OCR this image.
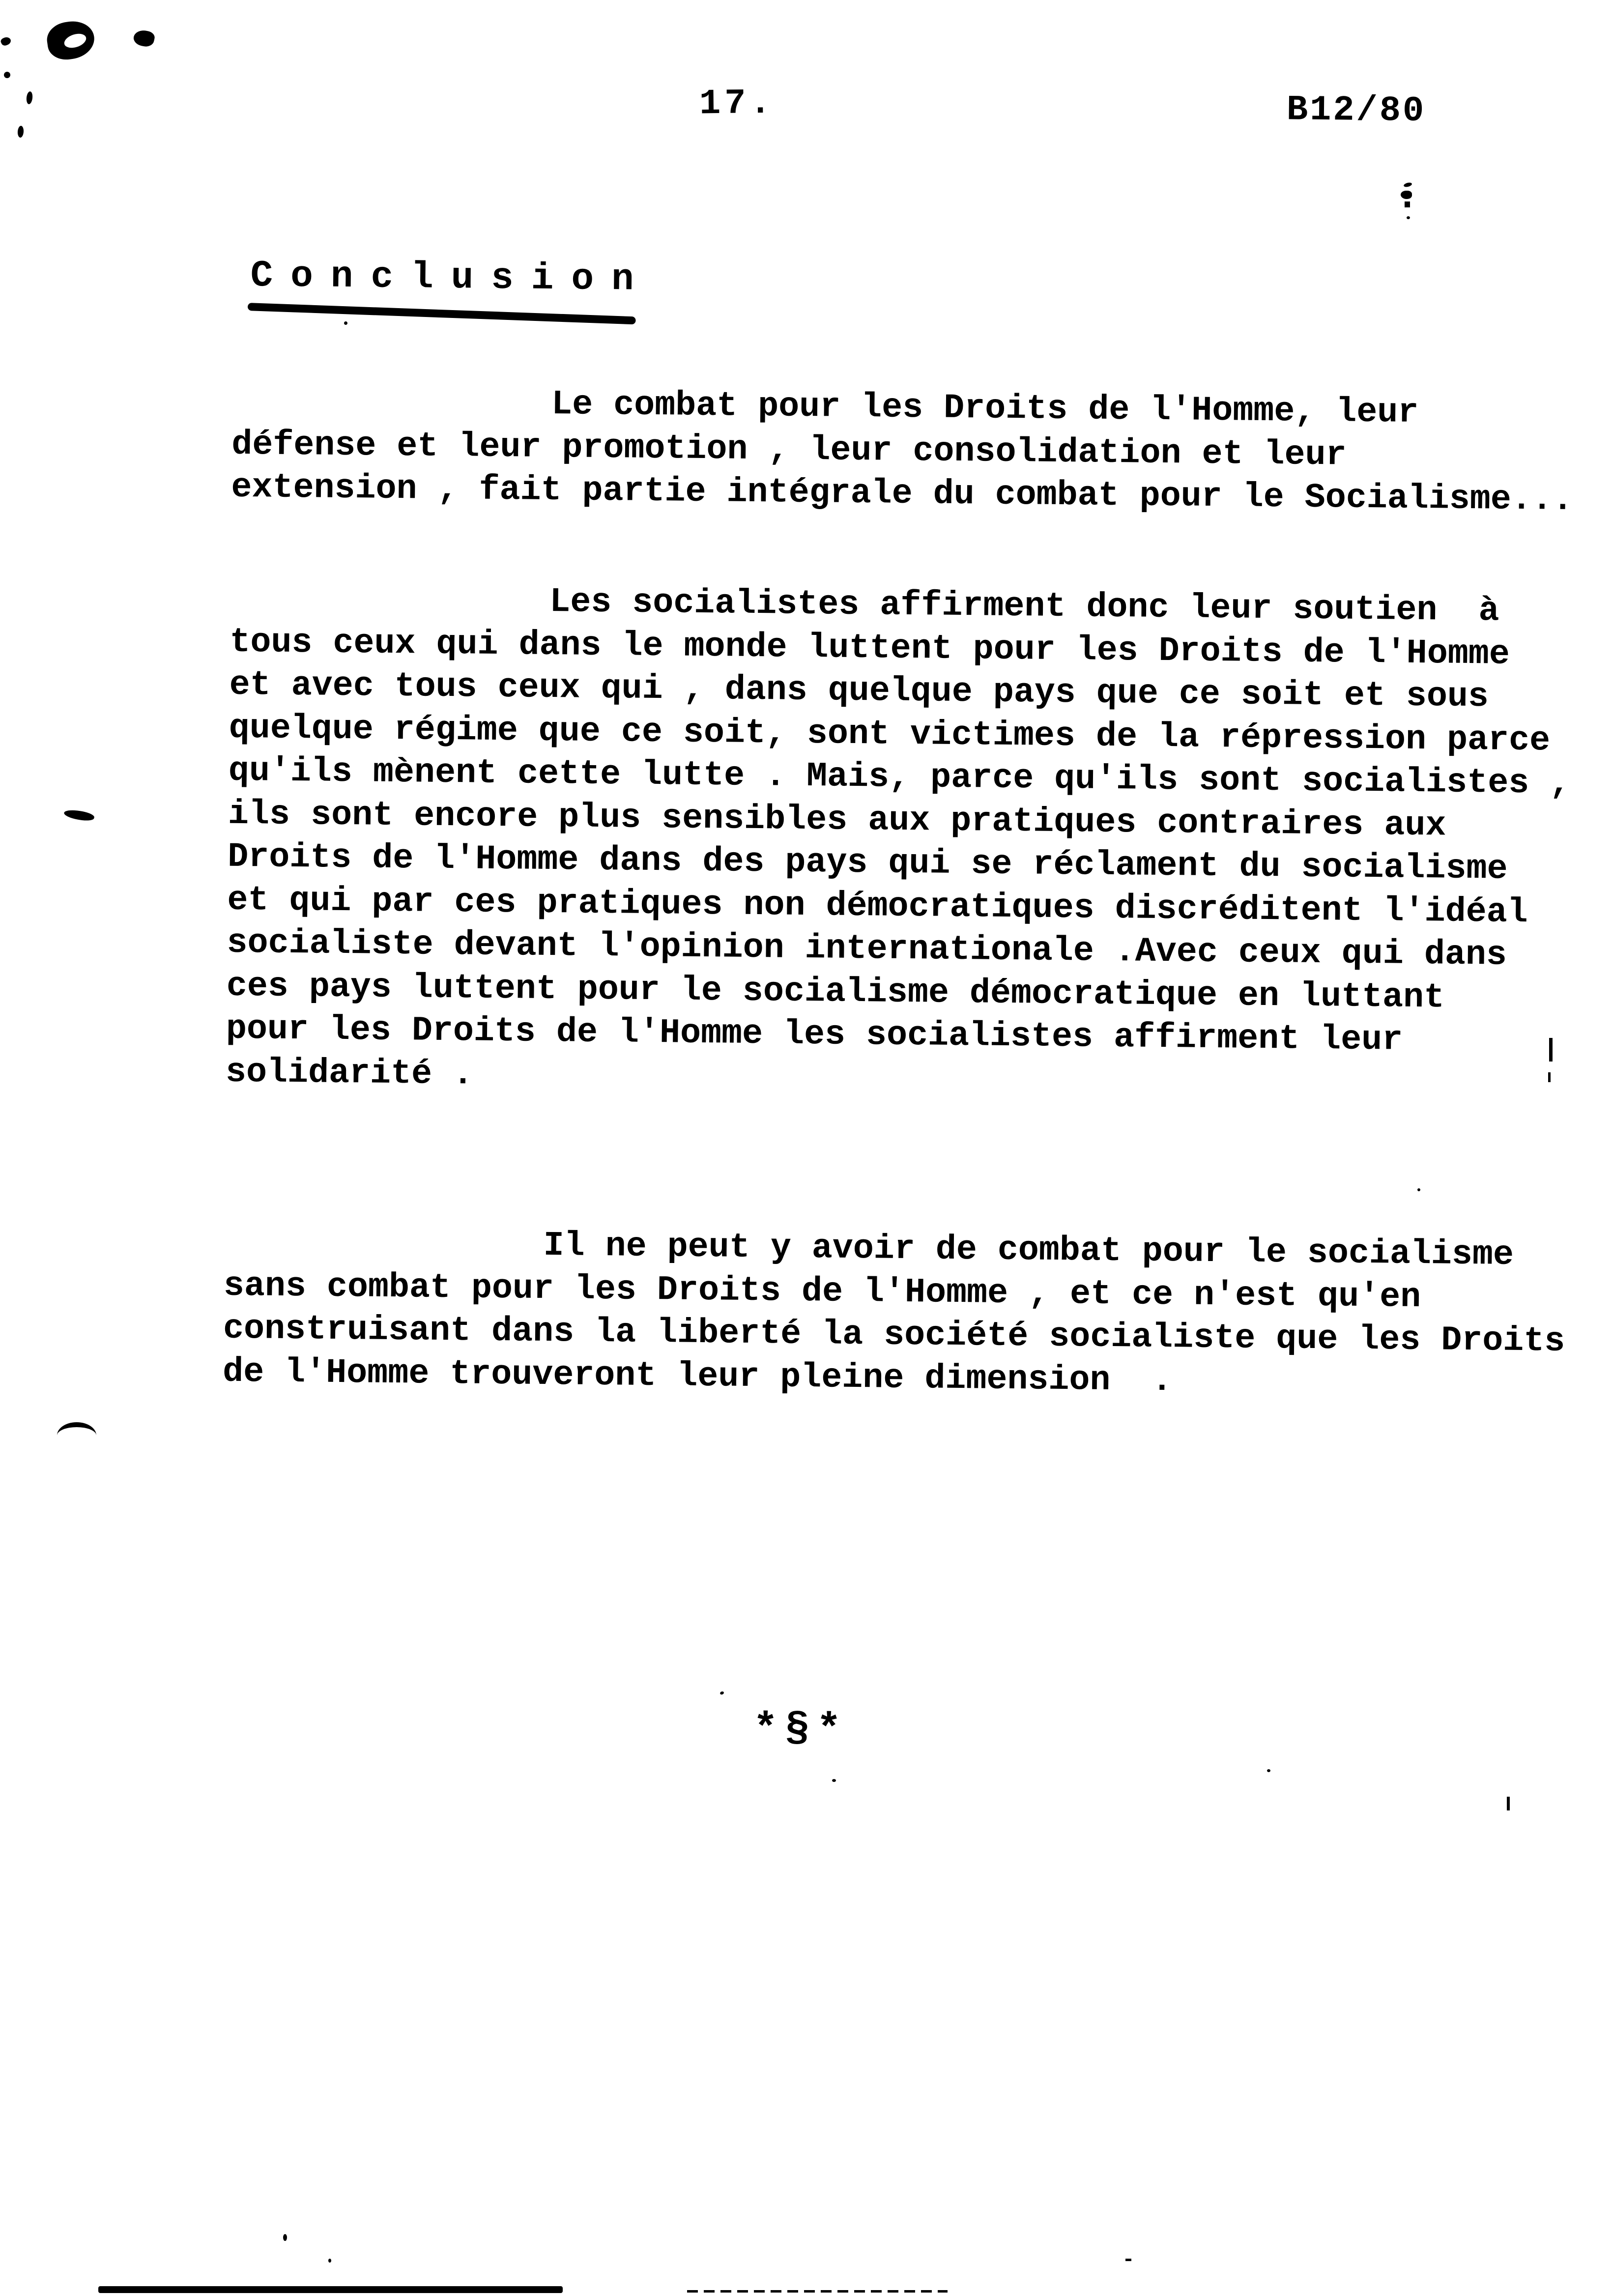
17.	B12/80
Conclusion
Le combat pour les Droits de l'Homme, leur
défense et leur promotion , leur consolidation et leur
extension , fait partie intégrale du combat pour le Socialisme...
Les socialistes affirment donc leur soutien  à
tous ceux qui dans le monde luttent pour les Droits de l'Homme
et avec tous ceux qui , dans quelque pays que ce soit et sous
quelque régime que ce soit, sont victimes de la répression parce
qu'ils mènent cette lutte . Mais, parce qu'ils sont socialistes ,
ils sont encore plus sensibles aux pratiques contraires aux
Droits de l'Homme dans des pays qui se réclament du socialisme
et qui par ces pratiques non démocratiques discréditent l'idéal
socialiste devant l'opinion internationale .Avec ceux qui dans
ces pays luttent pour le socialisme démocratique en luttant
pour les Droits de l'Homme les socialistes affirment leur
solidarité .
Il ne peut y avoir de combat pour le socialisme
sans combat pour les Droits de l'Homme , et ce n'est qu'en
construisant dans la liberté la société socialiste que les Droits
de l'Homme trouveront leur pleine dimension  .
*§*
